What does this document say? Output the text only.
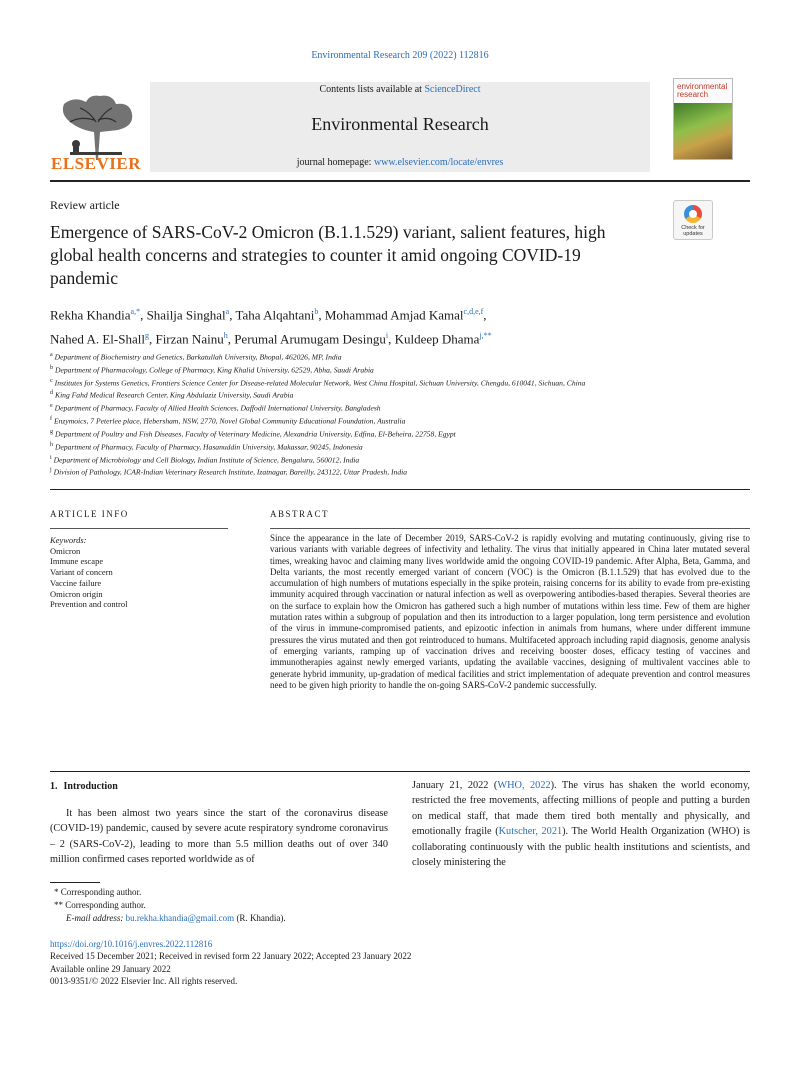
Environmental Research 209 (2022) 112816
ELSEVIER
Contents lists available at ScienceDirect
Environmental Research
journal homepage: www.elsevier.com/locate/envres
environmental
research
Review article
Emergence of SARS-CoV-2 Omicron (B.1.1.529) variant, salient features, high global health concerns and strategies to counter it amid ongoing COVID-19 pandemic
Check for
updates
Rekha Khandia$^{a,*}$, Shailja Singhal$^a$, Taha Alqahtani$^b$, Mohammad Amjad Kamal$^{c,d,e,f}$,
Nahed A. El-Shall$^g$, Firzan Nainu$^h$, Perumal Arumugam Desingu$^i$, Kuldeep Dhama$^{j,**}$
$^a$ Department of Biochemistry and Genetics, Barkatullah University, Bhopal, 462026, MP, India
$^b$ Department of Pharmacology, College of Pharmacy, King Khalid University, 62529, Abha, Saudi Arabia
$^c$ Institutes for Systems Genetics, Frontiers Science Center for Disease-related Molecular Network, West China Hospital, Sichuan University, Chengdu, 610041, Sichuan, China
$^d$ King Fahd Medical Research Center, King Abdulaziz University, Saudi Arabia
$^e$ Department of Pharmacy, Faculty of Allied Health Sciences, Daffodil International University, Bangladesh
$^f$ Enzymoics, 7 Peterlee place, Hebersham, NSW, 2770, Novel Global Community Educational Foundation, Australia
$^g$ Department of Poultry and Fish Diseases, Faculty of Veterinary Medicine, Alexandria University, Edfina, El-Beheira, 22758, Egypt
$^h$ Department of Pharmacy, Faculty of Pharmacy, Hasanuddin University, Makassar, 90245, Indonesia
$^i$ Department of Microbiology and Cell Biology, Indian Institute of Science, Bengaluru, 560012, India
$^j$ Division of Pathology, ICAR-Indian Veterinary Research Institute, Izatnagar, Bareilly, 243122, Uttar Pradesh, India
ARTICLE INFO	ABSTRACT
Keywords:
Omicron
Immune escape
Variant of concern
Vaccine failure
Omicron origin
Prevention and control
Since the appearance in the late of December 2019, SARS-CoV-2 is rapidly evolving and mutating continuously, giving rise to various variants with variable degrees of infectivity and lethality. The virus that initially appeared in China later mutated several times, wreaking havoc and claiming many lives worldwide amid the ongoing COVID-19 pandemic. After Alpha, Beta, Gamma, and Delta variants, the most recently emerged variant of concern (VOC) is the Omicron (B.1.1.529) that has evolved due to the accumulation of high numbers of mutations especially in the spike protein, raising concerns for its ability to evade from pre-existing immunity acquired through vaccination or natural infection as well as overpowering antibodies-based therapies. Several theories are on the surface to explain how the Omicron has gathered such a high number of mutations within less time. Few of them are higher mutation rates within a subgroup of population and then its introduction to a larger population, long term persistence and evolution of the virus in immune-compromised patients, and epizootic infection in animals from humans, where under different immune pressures the virus mutated and then got reintroduced to humans. Multifaceted approach including rapid diagnosis, genome analysis of emerging variants, ramping up of vaccination drives and receiving booster doses, efficacy testing of vaccines and immunotherapies against newly emerged variants, updating the available vaccines, designing of multivalent vaccines able to generate hybrid immunity, up-gradation of medical facilities and strict implementation of adequate prevention and control measures need to be given high priority to handle the on-going SARS-CoV-2 pandemic successfully.
1. Introduction
It has been almost two years since the start of the coronavirus disease (COVID-19) pandemic, caused by severe acute respiratory syndrome coronavirus – 2 (SARS-CoV-2), leading to more than 5.5 million deaths out of over 340 million confirmed cases reported worldwide as of
January 21, 2022 (WHO, 2022). The virus has shaken the world economy, restricted the free movements, affecting millions of people and putting a burden on medical staff, that made them tired both mentally and physically, and emotionally fragile (Kutscher, 2021). The World Health Organization (WHO) is collaborating continuously with the public health institutions and scientists, and closely ministering the
* Corresponding author.
** Corresponding author.
E-mail address: bu.rekha.khandia@gmail.com (R. Khandia).
https://doi.org/10.1016/j.envres.2022.112816
Received 15 December 2021; Received in revised form 22 January 2022; Accepted 23 January 2022
Available online 29 January 2022
0013-9351/© 2022 Elsevier Inc. All rights reserved.
